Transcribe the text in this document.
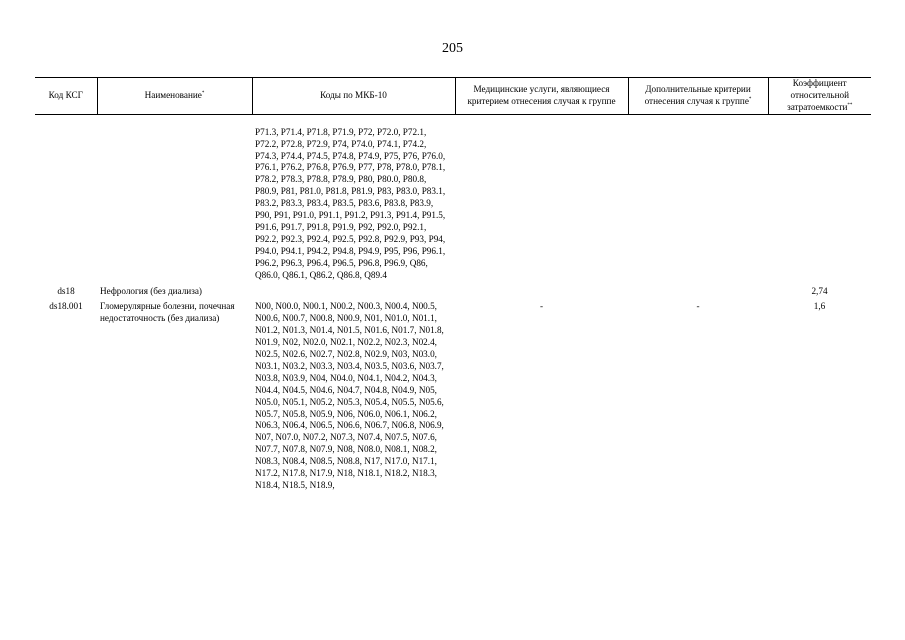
205
Код КСГ	Наименование*	Коды по МКБ-10	Медицинские услуги, являющиеся критерием отнесения случая к группе	Дополнительные критерии отнесения случая к группе*	Коэффициент относительной затратоемкости**

		P71.3, P71.4, P71.8, P71.9, P72, P72.0, P72.1, P72.2, P72.8, P72.9, P74, P74.0, P74.1, P74.2, P74.3, P74.4, P74.5, P74.8, P74.9, P75, P76, P76.0, P76.1, P76.2, P76.8, P76.9, P77, P78, P78.0, P78.1, P78.2, P78.3, P78.8, P78.9, P80, P80.0, P80.8, P80.9, P81, P81.0, P81.8, P81.9, P83, P83.0, P83.1, P83.2, P83.3, P83.4, P83.5, P83.6, P83.8, P83.9, P90, P91, P91.0, P91.1, P91.2, P91.3, P91.4, P91.5, P91.6, P91.7, P91.8, P91.9, P92, P92.0, P92.1, P92.2, P92.3, P92.4, P92.5, P92.8, P92.9, P93, P94, P94.0, P94.1, P94.2, P94.8, P94.9, P95, P96, P96.1, P96.2, P96.3, P96.4, P96.5, P96.8, P96.9, Q86, Q86.0, Q86.1, Q86.2, Q86.8, Q89.4			

ds18	Нефрология (без диализа)				2,74
ds18.001	Гломерулярные болезни, почечная недостаточность (без диализа)	N00, N00.0, N00.1, N00.2, N00.3, N00.4, N00.5, N00.6, N00.7, N00.8, N00.9, N01, N01.0, N01.1, N01.2, N01.3, N01.4, N01.5, N01.6, N01.7, N01.8, N01.9, N02, N02.0, N02.1, N02.2, N02.3, N02.4, N02.5, N02.6, N02.7, N02.8, N02.9, N03, N03.0, N03.1, N03.2, N03.3, N03.4, N03.5, N03.6, N03.7, N03.8, N03.9, N04, N04.0, N04.1, N04.2, N04.3, N04.4, N04.5, N04.6, N04.7, N04.8, N04.9, N05, N05.0, N05.1, N05.2, N05.3, N05.4, N05.5, N05.6, N05.7, N05.8, N05.9, N06, N06.0, N06.1, N06.2, N06.3, N06.4, N06.5, N06.6, N06.7, N06.8, N06.9, N07, N07.0, N07.2, N07.3, N07.4, N07.5, N07.6, N07.7, N07.8, N07.9, N08, N08.0, N08.1, N08.2, N08.3, N08.4, N08.5, N08.8, N17, N17.0, N17.1, N17.2, N17.8, N17.9, N18, N18.1, N18.2, N18.3, N18.4, N18.5, N18.9,	-	-	1,6
